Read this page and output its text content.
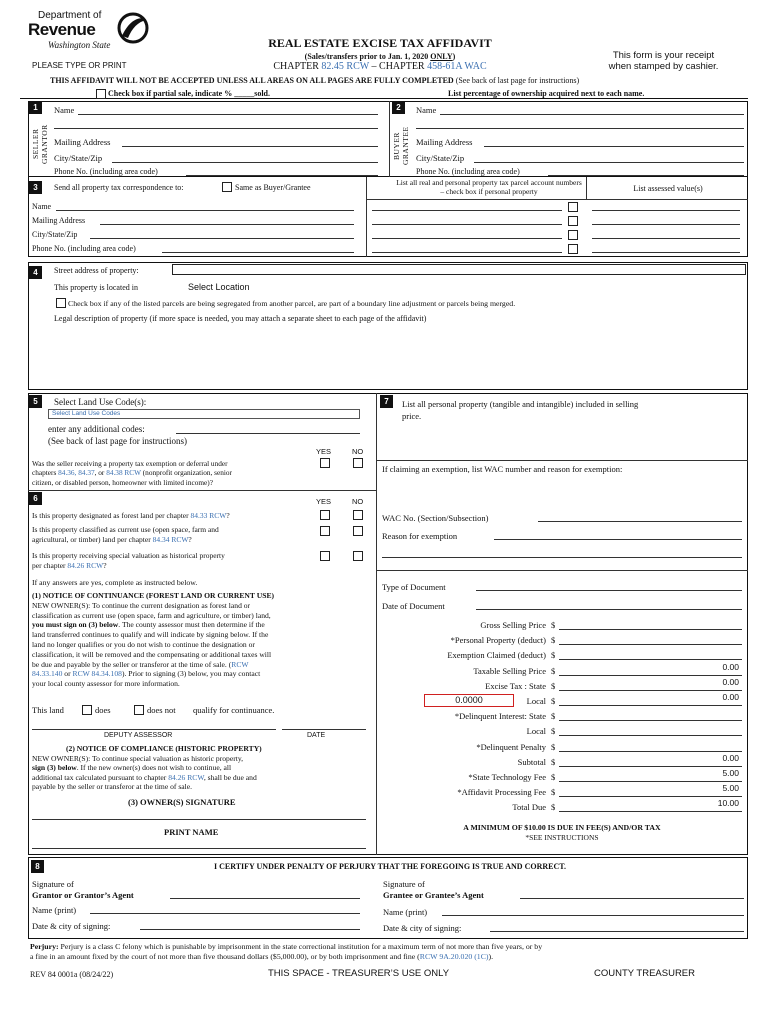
Department of
Revenue
Washington State
PLEASE TYPE OR PRINT
REAL ESTATE EXCISE TAX AFFIDAVIT
(Sales/transfers prior to Jan. 1, 2020 ONLY)
CHAPTER 82.45 RCW – CHAPTER 458-61A WAC
This form is your receipt
when stamped by cashier.
THIS AFFIDAVIT WILL NOT BE ACCEPTED UNLESS ALL AREAS ON ALL PAGES ARE FULLY COMPLETED (See back of last page for instructions)
Check box if partial sale, indicate % _____sold.	List percentage of ownership acquired next to each name.
1
SELLER GRANTOR
Name
Mailing Address
City/State/Zip
Phone No. (including area code)
2
BUYER GRANTEE
Name
Mailing Address
City/State/Zip
Phone No. (including area code)
3	Send all property tax correspondence to:	Same as Buyer/Grantee
Name
Mailing Address
City/State/Zip
Phone No. (including area code)
List all real and personal property tax parcel account numbers – check box if personal property	List assessed value(s)
4	Street address of property:
This property is located in	Select Location
Check box if any of the listed parcels are being segregated from another parcel, are part of a boundary line adjustment or parcels being merged.
Legal description of property (if more space is needed, you may attach a separate sheet to each page of the affidavit)
5	Select Land Use Code(s):
Select Land Use Codes
enter any additional codes:
(See back of last page for instructions)
YES	NO
Was the seller receiving a property tax exemption or deferral under
chapters 84.36, 84.37, or 84.38 RCW (nonprofit organization, senior
citizen, or disabled person, homeowner with limited income)?
6	YES	NO
Is this property designated as forest land per chapter 84.33 RCW?
Is this property classified as current use (open space, farm and
agricultural, or timber) land per chapter 84.34 RCW?
Is this property receiving special valuation as historical property
per chapter 84.26 RCW?
If any answers are yes, complete as instructed below.
(1) NOTICE OF CONTINUANCE (FOREST LAND OR CURRENT USE)
NEW OWNER(S): To continue the current designation as forest land or
classification as current use (open space, farm and agriculture, or timber) land,
you must sign on (3) below. The county assessor must then determine if the
land transferred continues to qualify and will indicate by signing below. If the
land no longer qualifies or you do not wish to continue the designation or
classification, it will be removed and the compensating or additional taxes will
be due and payable by the seller or transferor at the time of sale. (RCW
84.33.140 or RCW 84.34.108). Prior to signing (3) below, you may contact
your local county assessor for more information.
This land	does	does not qualify for continuance.
DEPUTY ASSESSOR	DATE
(2) NOTICE OF COMPLIANCE (HISTORIC PROPERTY)
NEW OWNER(S): To continue special valuation as historic property,
sign (3) below. If the new owner(s) does not wish to continue, all
additional tax calculated pursuant to chapter 84.26 RCW, shall be due and
payable by the seller or transferor at the time of sale.
(3) OWNER(S) SIGNATURE
PRINT NAME
7	List all personal property (tangible and intangible) included in selling
price.
If claiming an exemption, list WAC number and reason for exemption:
WAC No. (Section/Subsection)
Reason for exemption
Type of Document
Date of Document
Gross Selling Price $
*Personal Property (deduct) $
Exemption Claimed (deduct) $
Taxable Selling Price $	0.00
Excise Tax : State $	0.00
Local $	0.00
*Delinquent Interest: State $
Local $
*Delinquent Penalty $
Subtotal $	0.00
*State Technology Fee $	5.00
*Affidavit Processing Fee $	5.00
Total Due $	10.00
0.0000
A MINIMUM OF $10.00 IS DUE IN FEE(S) AND/OR TAX
*SEE INSTRUCTIONS
8	I CERTIFY UNDER PENALTY OF PERJURY THAT THE FOREGOING IS TRUE AND CORRECT.
Signature of
Grantor or Grantor’s Agent
Name (print)
Date & city of signing:
Signature of
Grantee or Grantee’s Agent
Name (print)
Date & city of signing:
Perjury: Perjury is a class C felony which is punishable by imprisonment in the state correctional institution for a maximum term of not more than five years, or by
a fine in an amount fixed by the court of not more than five thousand dollars ($5,000.00), or by both imprisonment and fine (RCW 9A.20.020 (1C)).
REV 84 0001a (08/24/22)	THIS SPACE - TREASURER’S USE ONLY	COUNTY TREASURER
